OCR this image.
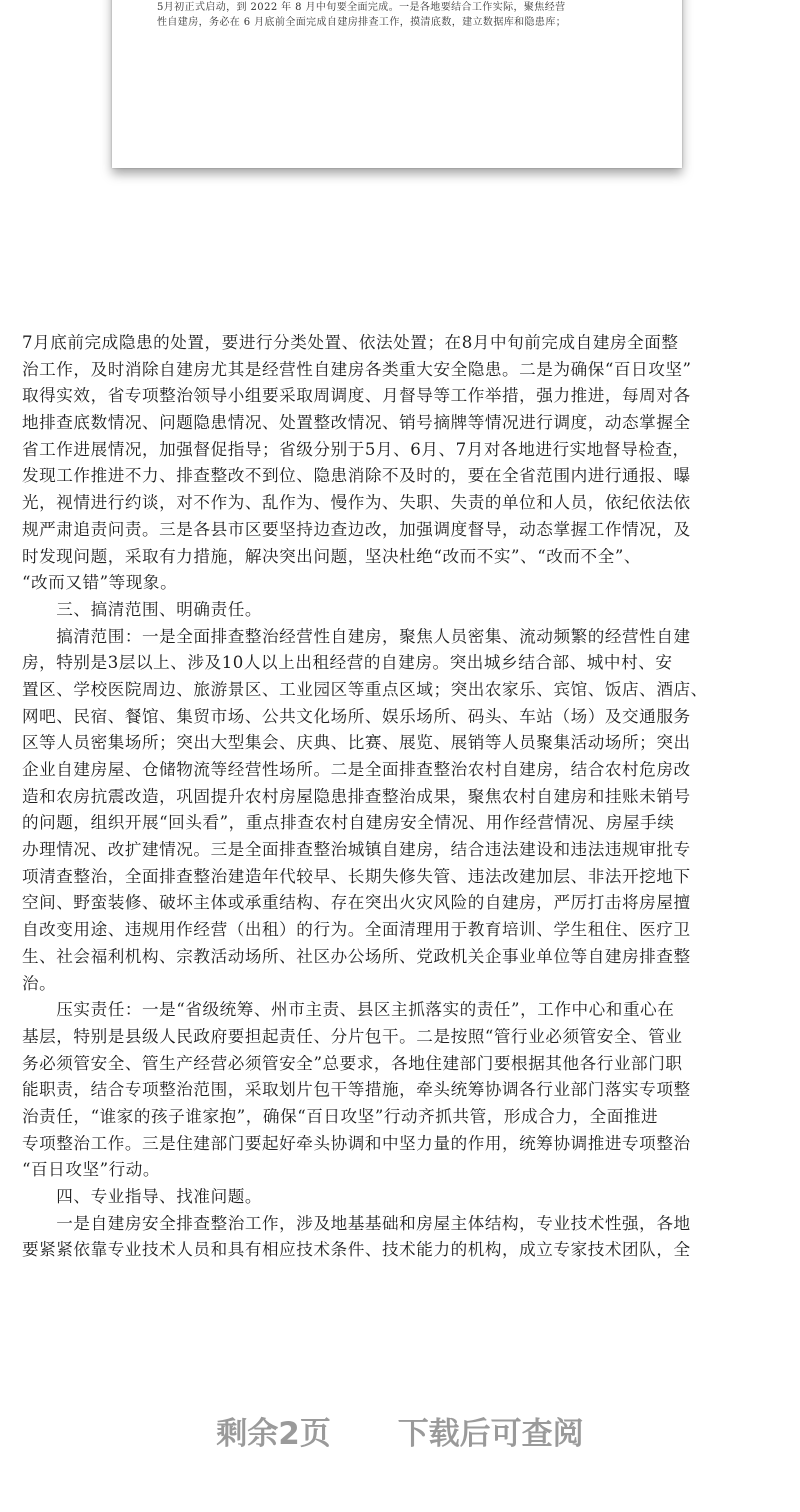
5月初正式启动，到 2022 年 8 月中旬要全面完成。一是各地要结合工作实际，聚焦经营
性自建房，务必在 6 月底前全面完成自建房排查工作，摸清底数，建立数据库和隐患库；
7月底前完成隐患的处置，要进行分类处置、依法处置；在8月中旬前完成自建房全面整
治工作，及时消除自建房尤其是经营性自建房各类重大安全隐患。二是为确保“百日攻坚”
取得实效，省专项整治领导小组要采取周调度、月督导等工作举措，强力推进，每周对各
地排查底数情况、问题隐患情况、处置整改情况、销号摘牌等情况进行调度，动态掌握全
省工作进展情况，加强督促指导；省级分别于5月、6月、7月对各地进行实地督导检查，
发现工作推进不力、排查整改不到位、隐患消除不及时的，要在全省范围内进行通报、曝
光，视情进行约谈，对不作为、乱作为、慢作为、失职、失责的单位和人员，依纪依法依
规严肃追责问责。三是各县市区要坚持边查边改，加强调度督导，动态掌握工作情况，及
时发现问题，采取有力措施，解决突出问题，坚决杜绝“改而不实”、“改而不全”、
“改而又错”等现象。
　　三、搞清范围、明确责任。
　　搞清范围：一是全面排查整治经营性自建房，聚焦人员密集、流动频繁的经营性自建
房，特别是3层以上、涉及10人以上出租经营的自建房。突出城乡结合部、城中村、安
置区、学校医院周边、旅游景区、工业园区等重点区域；突出农家乐、宾馆、饭店、酒店、
网吧、民宿、餐馆、集贸市场、公共文化场所、娱乐场所、码头、车站（场）及交通服务
区等人员密集场所；突出大型集会、庆典、比赛、展览、展销等人员聚集活动场所；突出
企业自建房屋、仓储物流等经营性场所。二是全面排查整治农村自建房，结合农村危房改
造和农房抗震改造，巩固提升农村房屋隐患排查整治成果，聚焦农村自建房和挂账未销号
的问题，组织开展“回头看”，重点排查农村自建房安全情况、用作经营情况、房屋手续
办理情况、改扩建情况。三是全面排查整治城镇自建房，结合违法建设和违法违规审批专
项清查整治，全面排查整治建造年代较早、长期失修失管、违法改建加层、非法开挖地下
空间、野蛮装修、破坏主体或承重结构、存在突出火灾风险的自建房，严厉打击将房屋擅
自改变用途、违规用作经营（出租）的行为。全面清理用于教育培训、学生租住、医疗卫
生、社会福利机构、宗教活动场所、社区办公场所、党政机关企事业单位等自建房排查整
治。
　　压实责任：一是“省级统筹、州市主责、县区主抓落实的责任”，工作中心和重心在
基层，特别是县级人民政府要担起责任、分片包干。二是按照“管行业必须管安全、管业
务必须管安全、管生产经营必须管安全”总要求，各地住建部门要根据其他各行业部门职
能职责，结合专项整治范围，采取划片包干等措施，牵头统筹协调各行业部门落实专项整
治责任，“谁家的孩子谁家抱”，确保“百日攻坚”行动齐抓共管，形成合力，全面推进
专项整治工作。三是住建部门要起好牵头协调和中坚力量的作用，统筹协调推进专项整治
“百日攻坚”行动。
　　四、专业指导、找准问题。
　　一是自建房安全排查整治工作，涉及地基基础和房屋主体结构，专业技术性强，各地
要紧紧依靠专业技术人员和具有相应技术条件、技术能力的机构，成立专家技术团队，全
剩余2页 下载后可查阅
